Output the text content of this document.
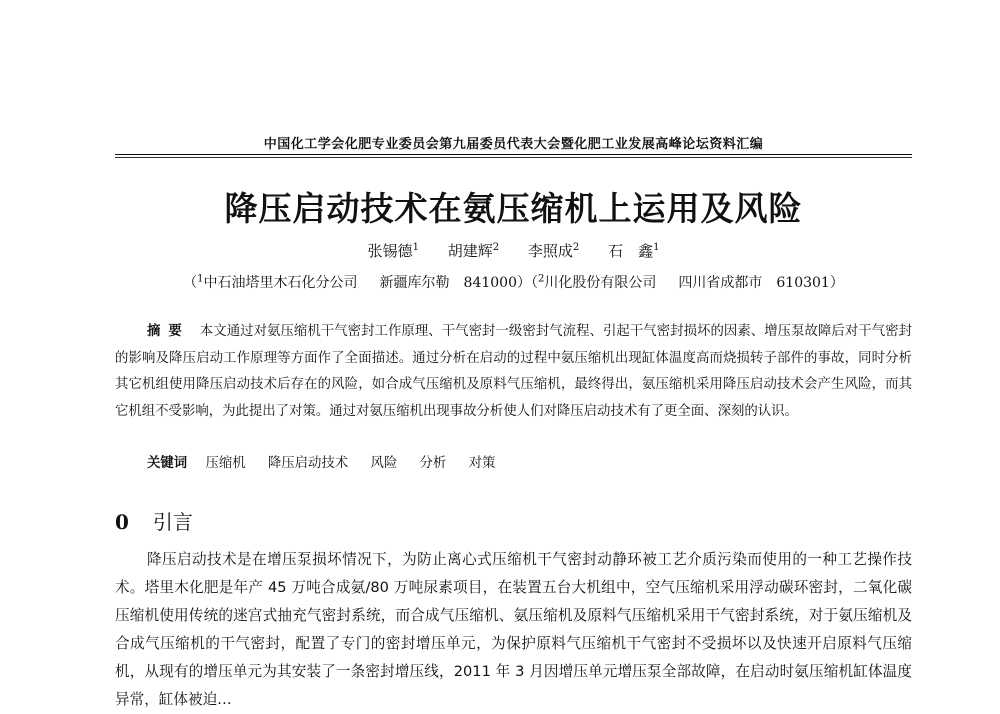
中国化工学会化肥专业委员会第九届委员代表大会暨化肥工业发展高峰论坛资料汇编
降压启动技术在氨压缩机上运用及风险
张锡德$^1$ 胡建辉$^2$ 李照成$^2$ 石　鑫$^1$
（$^1$中石油塔里木石化分公司 新疆库尔勒　841000）（$^2$川化股份有限公司 四川省成都市　610301）
摘要 本文通过对氨压缩机干气密封工作原理、干气密封一级密封气流程、引起干气密封损坏的因素、增压泵故障后对干气密封的影响及降压启动工作原理等方面作了全面描述。通过分析在启动的过程中氨压缩机出现缸体温度高而烧损转子部件的事故，同时分析其它机组使用降压启动技术后存在的风险，如合成气压缩机及原料气压缩机，最终得出，氨压缩机采用降压启动技术会产生风险，而其它机组不受影响，为此提出了对策。通过对氨压缩机出现事故分析使人们对降压启动技术有了更全面、深刻的认识。
关键词 压缩机 降压启动技术 风险 分析 对策
0 引言

降压启动技术是在增压泵损坏情况下，为防止离心式压缩机干气密封动静环被工艺介质污染而使用的一种工艺操作技术。塔里木化肥是年产 45 万吨合成氨/80 万吨尿素项目，在装置五台大机组中，空气压缩机采用浮动碳环密封，二氧化碳压缩机使用传统的迷宫式抽充气密封系统，而合成气压缩机、氨压缩机及原料气压缩机采用干气密封系统，对于氨压缩机及合成气压缩机的干气密封，配置了专门的密封增压单元，为保护原料气压缩机干气密封不受损坏以及快速开启原料气压缩机，从现有的增压单元为其安装了一条密封增压线，2011 年 3 月因增压单元增压泵全部故障，在启动时氨压缩机缸体温度异常，缸体被迫…
